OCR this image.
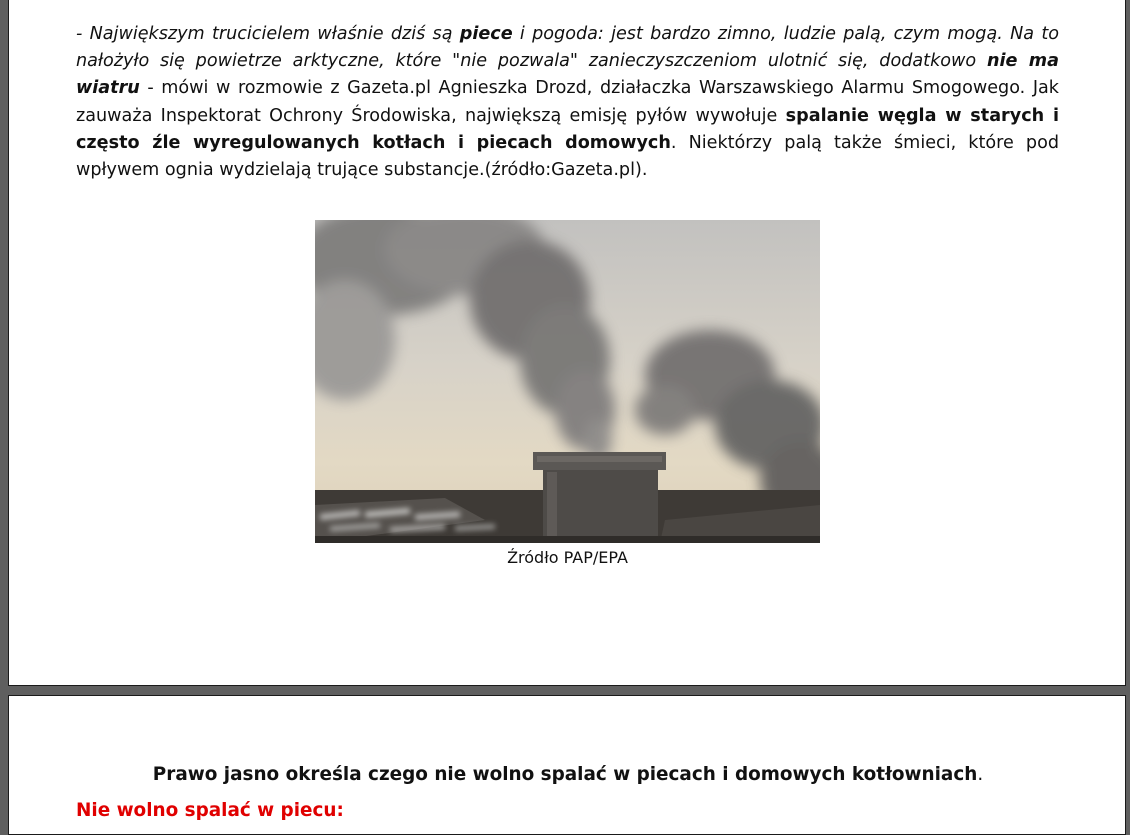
- Największym trucicielem właśnie dziś są piece i pogoda: jest bardzo zimno, ludzie palą, czym mogą. Na to nałożyło się powietrze arktyczne, które "nie pozwala" zanieczyszczeniom ulotnić się, dodatkowo nie ma wiatru - mówi w rozmowie z Gazeta.pl Agnieszka Drozd, działaczka Warszawskiego Alarmu Smogowego. Jak zauważa Inspektorat Ochrony Środowiska, największą emisję pyłów wywołuje spalanie węgla w starych i często źle wyregulowanych kotłach i piecach domowych. Niektórzy palą także śmieci, które pod wpływem ognia wydzielają trujące substancje.(źródło:Gazeta.pl).

Źródło PAP/EPA
Prawo jasno określa czego nie wolno spalać w piecach i domowych kotłowniach.
Nie wolno spalać w piecu:
